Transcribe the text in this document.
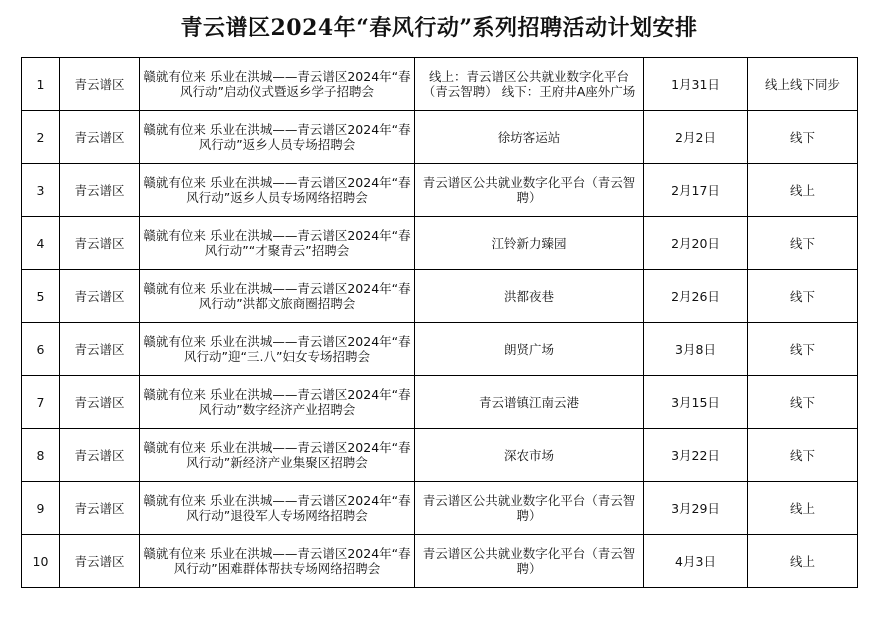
青云谱区2024年“春风行动”系列招聘活动计划安排
1	青云谱区	赣就有位来 乐业在洪城——青云谱区2024年“春风行动”启动仪式暨返乡学子招聘会	线上：青云谱区公共就业数字化平台（青云智聘） 线下：王府井A座外广场	1月31日	线上线下同步
2	青云谱区	赣就有位来 乐业在洪城——青云谱区2024年“春风行动”返乡人员专场招聘会	徐坊客运站	2月2日	线下
3	青云谱区	赣就有位来 乐业在洪城——青云谱区2024年“春风行动”返乡人员专场网络招聘会	青云谱区公共就业数字化平台（青云智聘）	2月17日	线上
4	青云谱区	赣就有位来 乐业在洪城——青云谱区2024年“春风行动”“才聚青云”招聘会	江铃新力臻园	2月20日	线下
5	青云谱区	赣就有位来 乐业在洪城——青云谱区2024年“春风行动”洪都文旅商圈招聘会	洪都夜巷	2月26日	线下
6	青云谱区	赣就有位来 乐业在洪城——青云谱区2024年“春风行动”迎“三.八”妇女专场招聘会	朗贤广场	3月8日	线下
7	青云谱区	赣就有位来 乐业在洪城——青云谱区2024年“春风行动”数字经济产业招聘会	青云谱镇江南云港	3月15日	线下
8	青云谱区	赣就有位来 乐业在洪城——青云谱区2024年“春风行动”新经济产业集聚区招聘会	深农市场	3月22日	线下
9	青云谱区	赣就有位来 乐业在洪城——青云谱区2024年“春风行动”退役军人专场网络招聘会	青云谱区公共就业数字化平台（青云智聘）	3月29日	线上
10	青云谱区	赣就有位来 乐业在洪城——青云谱区2024年“春风行动”困难群体帮扶专场网络招聘会	青云谱区公共就业数字化平台（青云智聘）	4月3日	线上
